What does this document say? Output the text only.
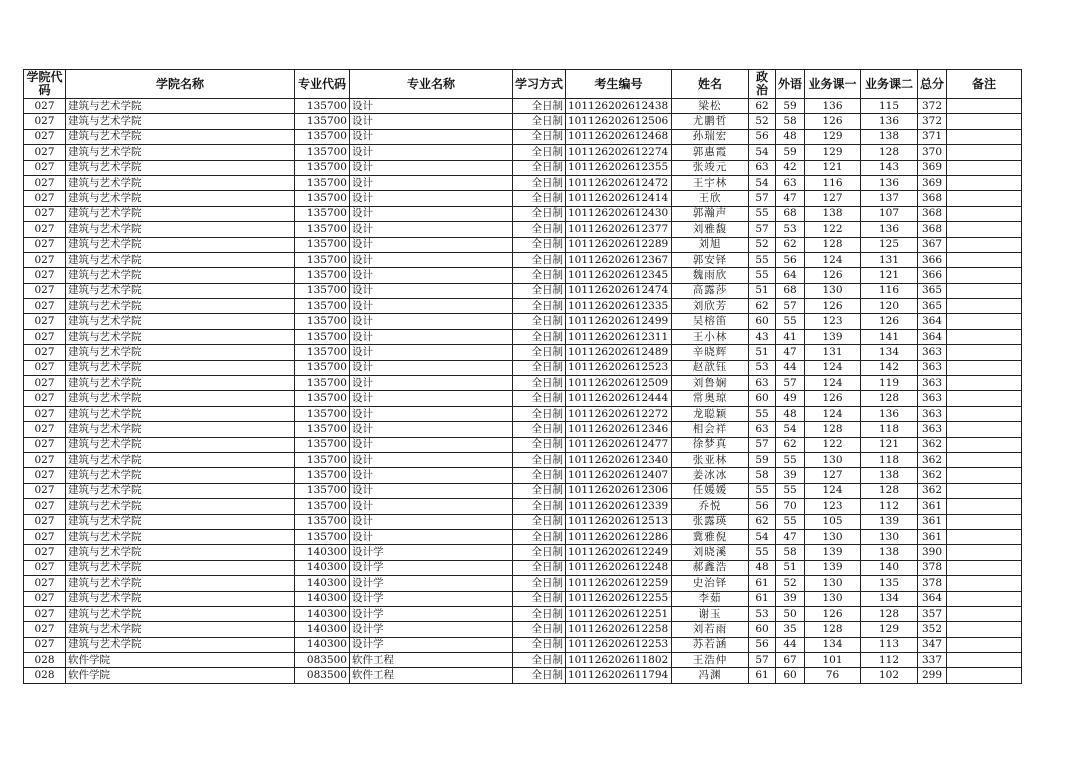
学院代码	学院名称	专业代码	专业名称	学习方式	考生编号	姓名	政治	外语	业务课一	业务课二	总分	备注
027	建筑与艺术学院	135700	设计	全日制	101126202612438	梁松	62	59	136	115	372	
027	建筑与艺术学院	135700	设计	全日制	101126202612506	尤鹏哲	52	58	126	136	372	
027	建筑与艺术学院	135700	设计	全日制	101126202612468	孙瑞宏	56	48	129	138	371	
027	建筑与艺术学院	135700	设计	全日制	101126202612274	郭惠霞	54	59	129	128	370	
027	建筑与艺术学院	135700	设计	全日制	101126202612355	张竣元	63	42	121	143	369	
027	建筑与艺术学院	135700	设计	全日制	101126202612472	王宇林	54	63	116	136	369	
027	建筑与艺术学院	135700	设计	全日制	101126202612414	王欣	57	47	127	137	368	
027	建筑与艺术学院	135700	设计	全日制	101126202612430	郭瀚声	55	68	138	107	368	
027	建筑与艺术学院	135700	设计	全日制	101126202612377	刘雅馥	57	53	122	136	368	
027	建筑与艺术学院	135700	设计	全日制	101126202612289	刘旭	52	62	128	125	367	
027	建筑与艺术学院	135700	设计	全日制	101126202612367	郭安铎	55	56	124	131	366	
027	建筑与艺术学院	135700	设计	全日制	101126202612345	魏雨欣	55	64	126	121	366	
027	建筑与艺术学院	135700	设计	全日制	101126202612474	高露莎	51	68	130	116	365	
027	建筑与艺术学院	135700	设计	全日制	101126202612335	刘欣芳	62	57	126	120	365	
027	建筑与艺术学院	135700	设计	全日制	101126202612499	吴榕笛	60	55	123	126	364	
027	建筑与艺术学院	135700	设计	全日制	101126202612311	王小林	43	41	139	141	364	
027	建筑与艺术学院	135700	设计	全日制	101126202612489	辛晓辉	51	47	131	134	363	
027	建筑与艺术学院	135700	设计	全日制	101126202612523	赵歆钰	53	44	124	142	363	
027	建筑与艺术学院	135700	设计	全日制	101126202612509	刘鲁娴	63	57	124	119	363	
027	建筑与艺术学院	135700	设计	全日制	101126202612444	常奥琼	60	49	126	128	363	
027	建筑与艺术学院	135700	设计	全日制	101126202612272	龙聪颖	55	48	124	136	363	
027	建筑与艺术学院	135700	设计	全日制	101126202612346	相会祥	63	54	128	118	363	
027	建筑与艺术学院	135700	设计	全日制	101126202612477	徐梦真	57	62	122	121	362	
027	建筑与艺术学院	135700	设计	全日制	101126202612340	张亚林	59	55	130	118	362	
027	建筑与艺术学院	135700	设计	全日制	101126202612407	姜冰冰	58	39	127	138	362	
027	建筑与艺术学院	135700	设计	全日制	101126202612306	任媛媛	55	55	124	128	362	
027	建筑与艺术学院	135700	设计	全日制	101126202612339	乔悦	56	70	123	112	361	
027	建筑与艺术学院	135700	设计	全日制	101126202612513	张露瑛	62	55	105	139	361	
027	建筑与艺术学院	135700	设计	全日制	101126202612286	冀雅倪	54	47	130	130	361	
027	建筑与艺术学院	140300	设计学	全日制	101126202612249	刘晓溪	55	58	139	138	390	
027	建筑与艺术学院	140300	设计学	全日制	101126202612248	郝鑫浩	48	51	139	140	378	
027	建筑与艺术学院	140300	设计学	全日制	101126202612259	史治铎	61	52	130	135	378	
027	建筑与艺术学院	140300	设计学	全日制	101126202612255	李茹	61	39	130	134	364	
027	建筑与艺术学院	140300	设计学	全日制	101126202612251	谢玉	53	50	126	128	357	
027	建筑与艺术学院	140300	设计学	全日制	101126202612258	刘若雨	60	35	128	129	352	
027	建筑与艺术学院	140300	设计学	全日制	101126202612253	苏若涵	56	44	134	113	347	
028	软件学院	083500	软件工程	全日制	101126202611802	王浩仲	57	67	101	112	337	
028	软件学院	083500	软件工程	全日制	101126202611794	冯渊	61	60	76	102	299	
